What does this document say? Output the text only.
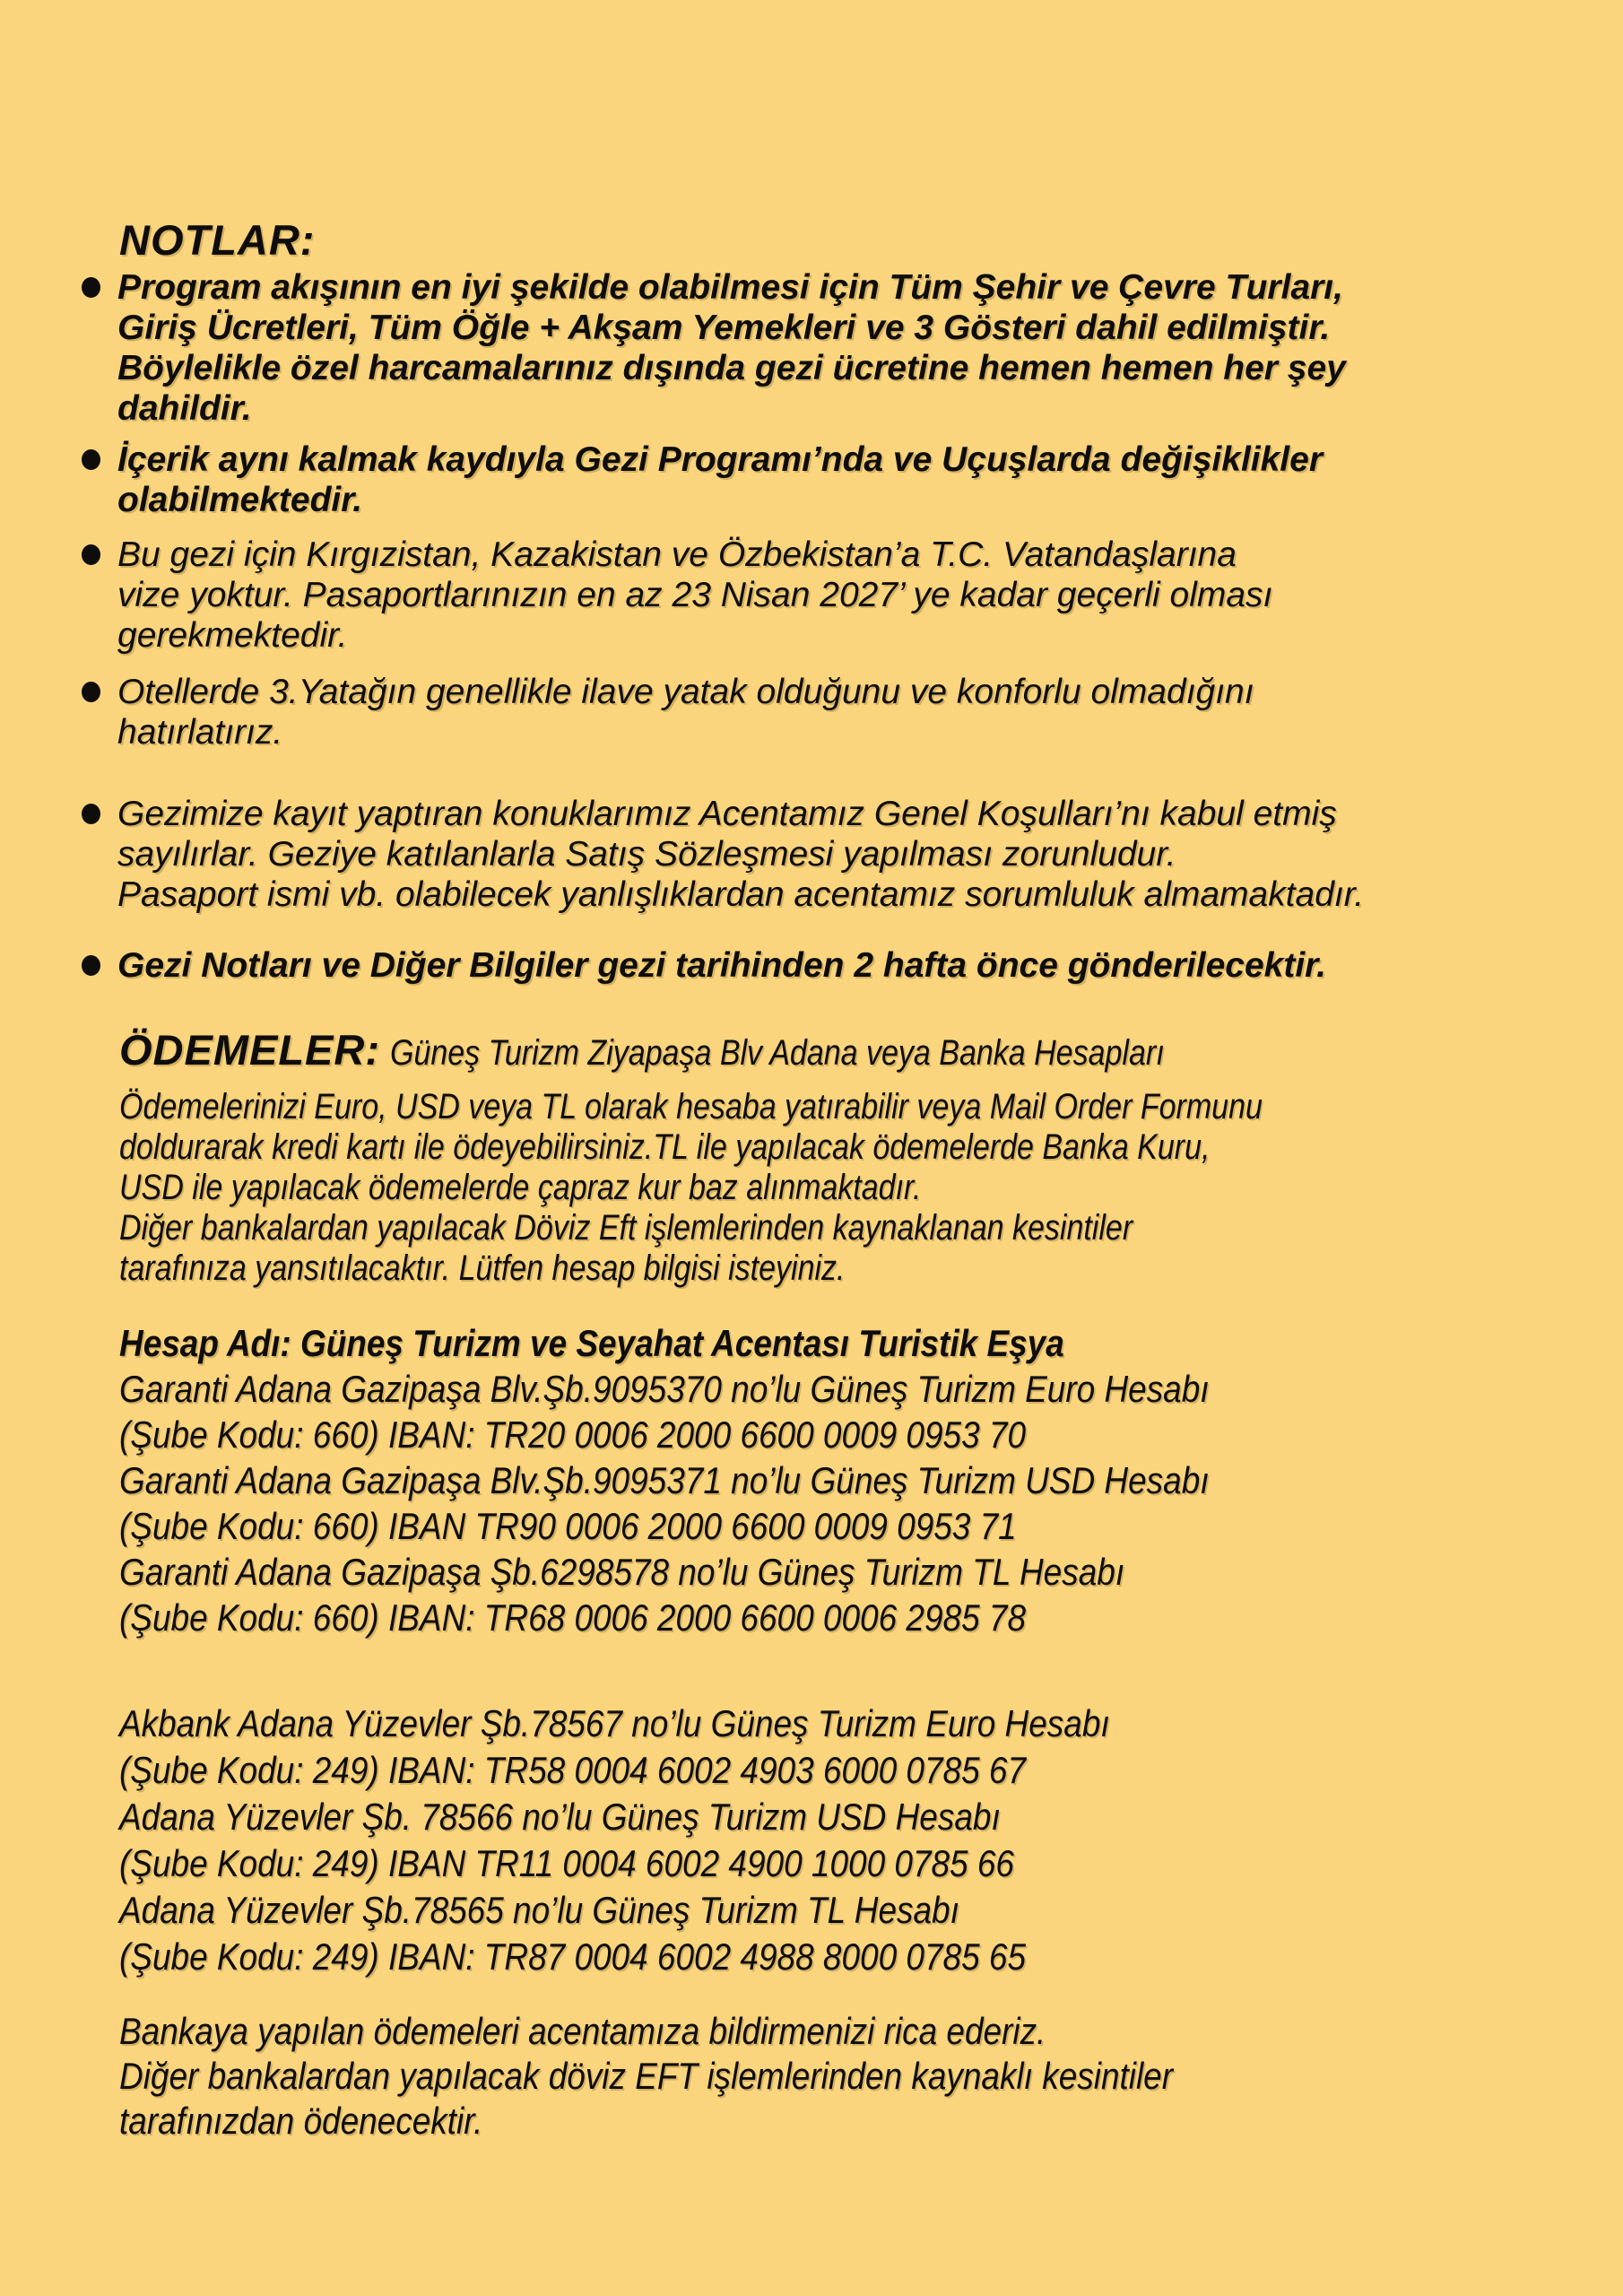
NOTLAR:
Program akışının en iyi şekilde olabilmesi için Tüm Şehir ve Çevre Turları,
Giriş Ücretleri, Tüm Öğle + Akşam Yemekleri ve 3 Gösteri dahil edilmiştir.
Böylelikle özel harcamalarınız dışında gezi ücretine hemen hemen her şey
dahildir.
İçerik aynı kalmak kaydıyla Gezi Programı’nda ve Uçuşlarda değişiklikler
olabilmektedir.
Bu gezi için Kırgızistan, Kazakistan ve Özbekistan’a T.C. Vatandaşlarına
vize yoktur. Pasaportlarınızın en az 23 Nisan 2027’ ye kadar geçerli olması
gerekmektedir.
Otellerde 3.Yatağın genellikle ilave yatak olduğunu ve konforlu olmadığını
hatırlatırız.
Gezimize kayıt yaptıran konuklarımız Acentamız Genel Koşulları’nı kabul etmiş
sayılırlar. Geziye katılanlarla Satış Sözleşmesi yapılması zorunludur.
Pasaport ismi vb. olabilecek yanlışlıklardan acentamız sorumluluk almamaktadır.
Gezi Notları ve Diğer Bilgiler gezi tarihinden 2 hafta önce gönderilecektir.
ÖDEMELER: Güneş Turizm Ziyapaşa Blv Adana veya Banka Hesapları
Ödemelerinizi Euro, USD veya TL olarak hesaba yatırabilir veya Mail Order Formunu
doldurarak kredi kartı ile ödeyebilirsiniz.TL ile yapılacak ödemelerde Banka Kuru,
USD ile yapılacak ödemelerde çapraz kur baz alınmaktadır.
Diğer bankalardan yapılacak Döviz Eft işlemlerinden kaynaklanan kesintiler
tarafınıza yansıtılacaktır. Lütfen hesap bilgisi isteyiniz.
Hesap Adı: Güneş Turizm ve Seyahat Acentası Turistik Eşya
Garanti Adana Gazipaşa Blv.Şb.9095370 no’lu Güneş Turizm Euro Hesabı
(Şube Kodu: 660) IBAN: TR20 0006 2000 6600 0009 0953 70
Garanti Adana Gazipaşa Blv.Şb.9095371 no’lu Güneş Turizm USD Hesabı
(Şube Kodu: 660) IBAN TR90 0006 2000 6600 0009 0953 71
Garanti Adana Gazipaşa Şb.6298578 no’lu Güneş Turizm TL Hesabı
(Şube Kodu: 660) IBAN: TR68 0006 2000 6600 0006 2985 78
Akbank Adana Yüzevler Şb.78567 no’lu Güneş Turizm Euro Hesabı
(Şube Kodu: 249) IBAN: TR58 0004 6002 4903 6000 0785 67
Adana Yüzevler Şb. 78566 no’lu Güneş Turizm USD Hesabı
(Şube Kodu: 249) IBAN TR11 0004 6002 4900 1000 0785 66
Adana Yüzevler Şb.78565 no’lu Güneş Turizm TL Hesabı
(Şube Kodu: 249) IBAN: TR87 0004 6002 4988 8000 0785 65
Bankaya yapılan ödemeleri acentamıza bildirmenizi rica ederiz.
Diğer bankalardan yapılacak döviz EFT işlemlerinden kaynaklı kesintiler
tarafınızdan ödenecektir.
